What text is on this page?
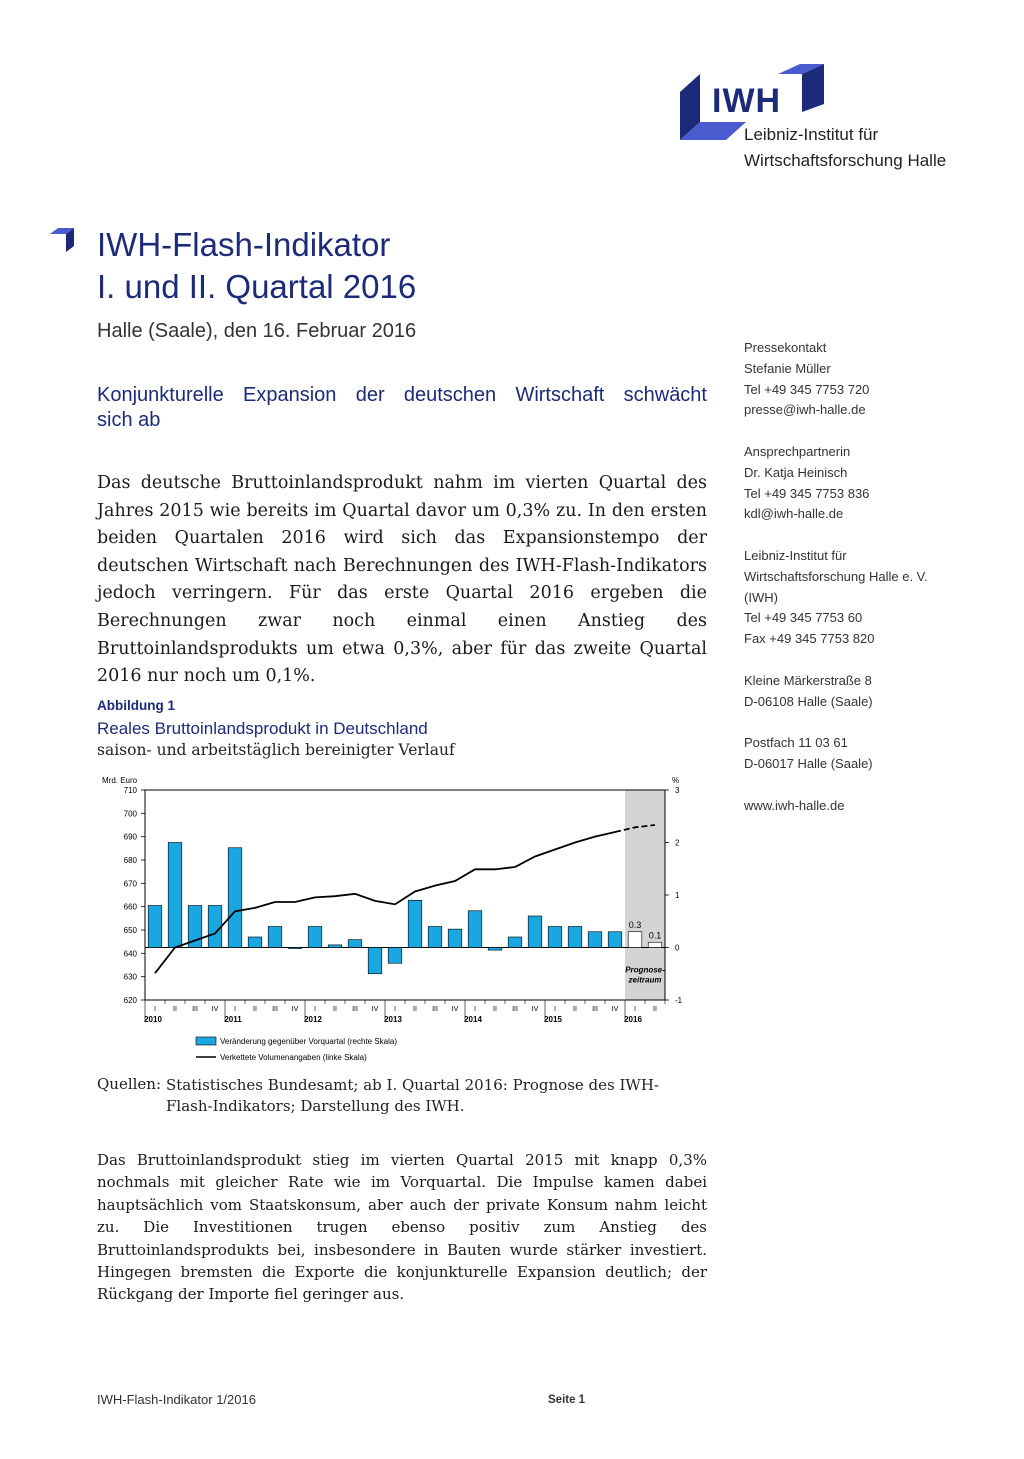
IWH
Leibniz-Institut für
Wirtschaftsforschung Halle
IWH-Flash-Indikator
I. und II. Quartal 2016
Halle (Saale), den 16. Februar 2016
Konjunkturelle Expansion der deutschen Wirtschaft schwächt
sich ab
Das deutsche Bruttoinlandsprodukt nahm im vierten Quartal des Jahres 2015 wie bereits im Quartal davor um 0,3% zu. In den ersten beiden Quartalen 2016 wird sich das Expansionstempo der deutschen Wirtschaft nach Berechnungen des IWH-Flash-Indikators jedoch verringern. Für das erste Quartal 2016 ergeben die Berechnungen zwar noch einmal einen Anstieg des Bruttoinlandsprodukts um etwa 0,3%, aber für das zweite Quartal 2016 nur noch um 0,1%.
Pressekontakt
Stefanie Müller
Tel +49 345 7753 720
presse@iwh-halle.de
Ansprechpartnerin
Dr. Katja Heinisch
Tel +49 345 7753 836
kdl@iwh-halle.de
Leibniz-Institut für
Wirtschaftsforschung Halle e. V.
(IWH)
Tel +49 345 7753 60
Fax +49 345 7753 820
Kleine Märkerstraße 8
D-06108 Halle (Saale)
Postfach 11 03 61
D-06017 Halle (Saale)
www.iwh-halle.de
Abbildung 1
Reales Bruttoinlandsprodukt in Deutschland
saison- und arbeitstäglich bereinigter Verlauf
620
630
640
650
660
670
680
690
700
710
-1
0
1
2
3
I II III IV I II III IV I II III IV I II III IV I II III IV I II III IV I II
2010	2011	2012	2013	2014	2015	2016
Mrd. Euro	%
0.3
0.1
Prognose-
zeitraum
Veränderung gegenüber Vorquartal (rechte Skala)
Verkettete Volumenangaben (linke Skala)
Quellen: Statistisches Bundesamt; ab I. Quartal 2016: Prognose des IWH-Flash-Indikators; Darstellung des IWH.
Das Bruttoinlandsprodukt stieg im vierten Quartal 2015 mit knapp 0,3% nochmals mit gleicher Rate wie im Vorquartal. Die Impulse kamen dabei hauptsächlich vom Staatskonsum, aber auch der private Konsum nahm leicht zu. Die Investitionen trugen ebenso positiv zum Anstieg des Bruttoinlandsprodukts bei, insbesondere in Bauten wurde stärker investiert. Hingegen bremsten die Exporte die konjunkturelle Expansion deutlich; der Rückgang der Importe fiel geringer aus.
IWH-Flash-Indikator 1/2016	Seite 1
